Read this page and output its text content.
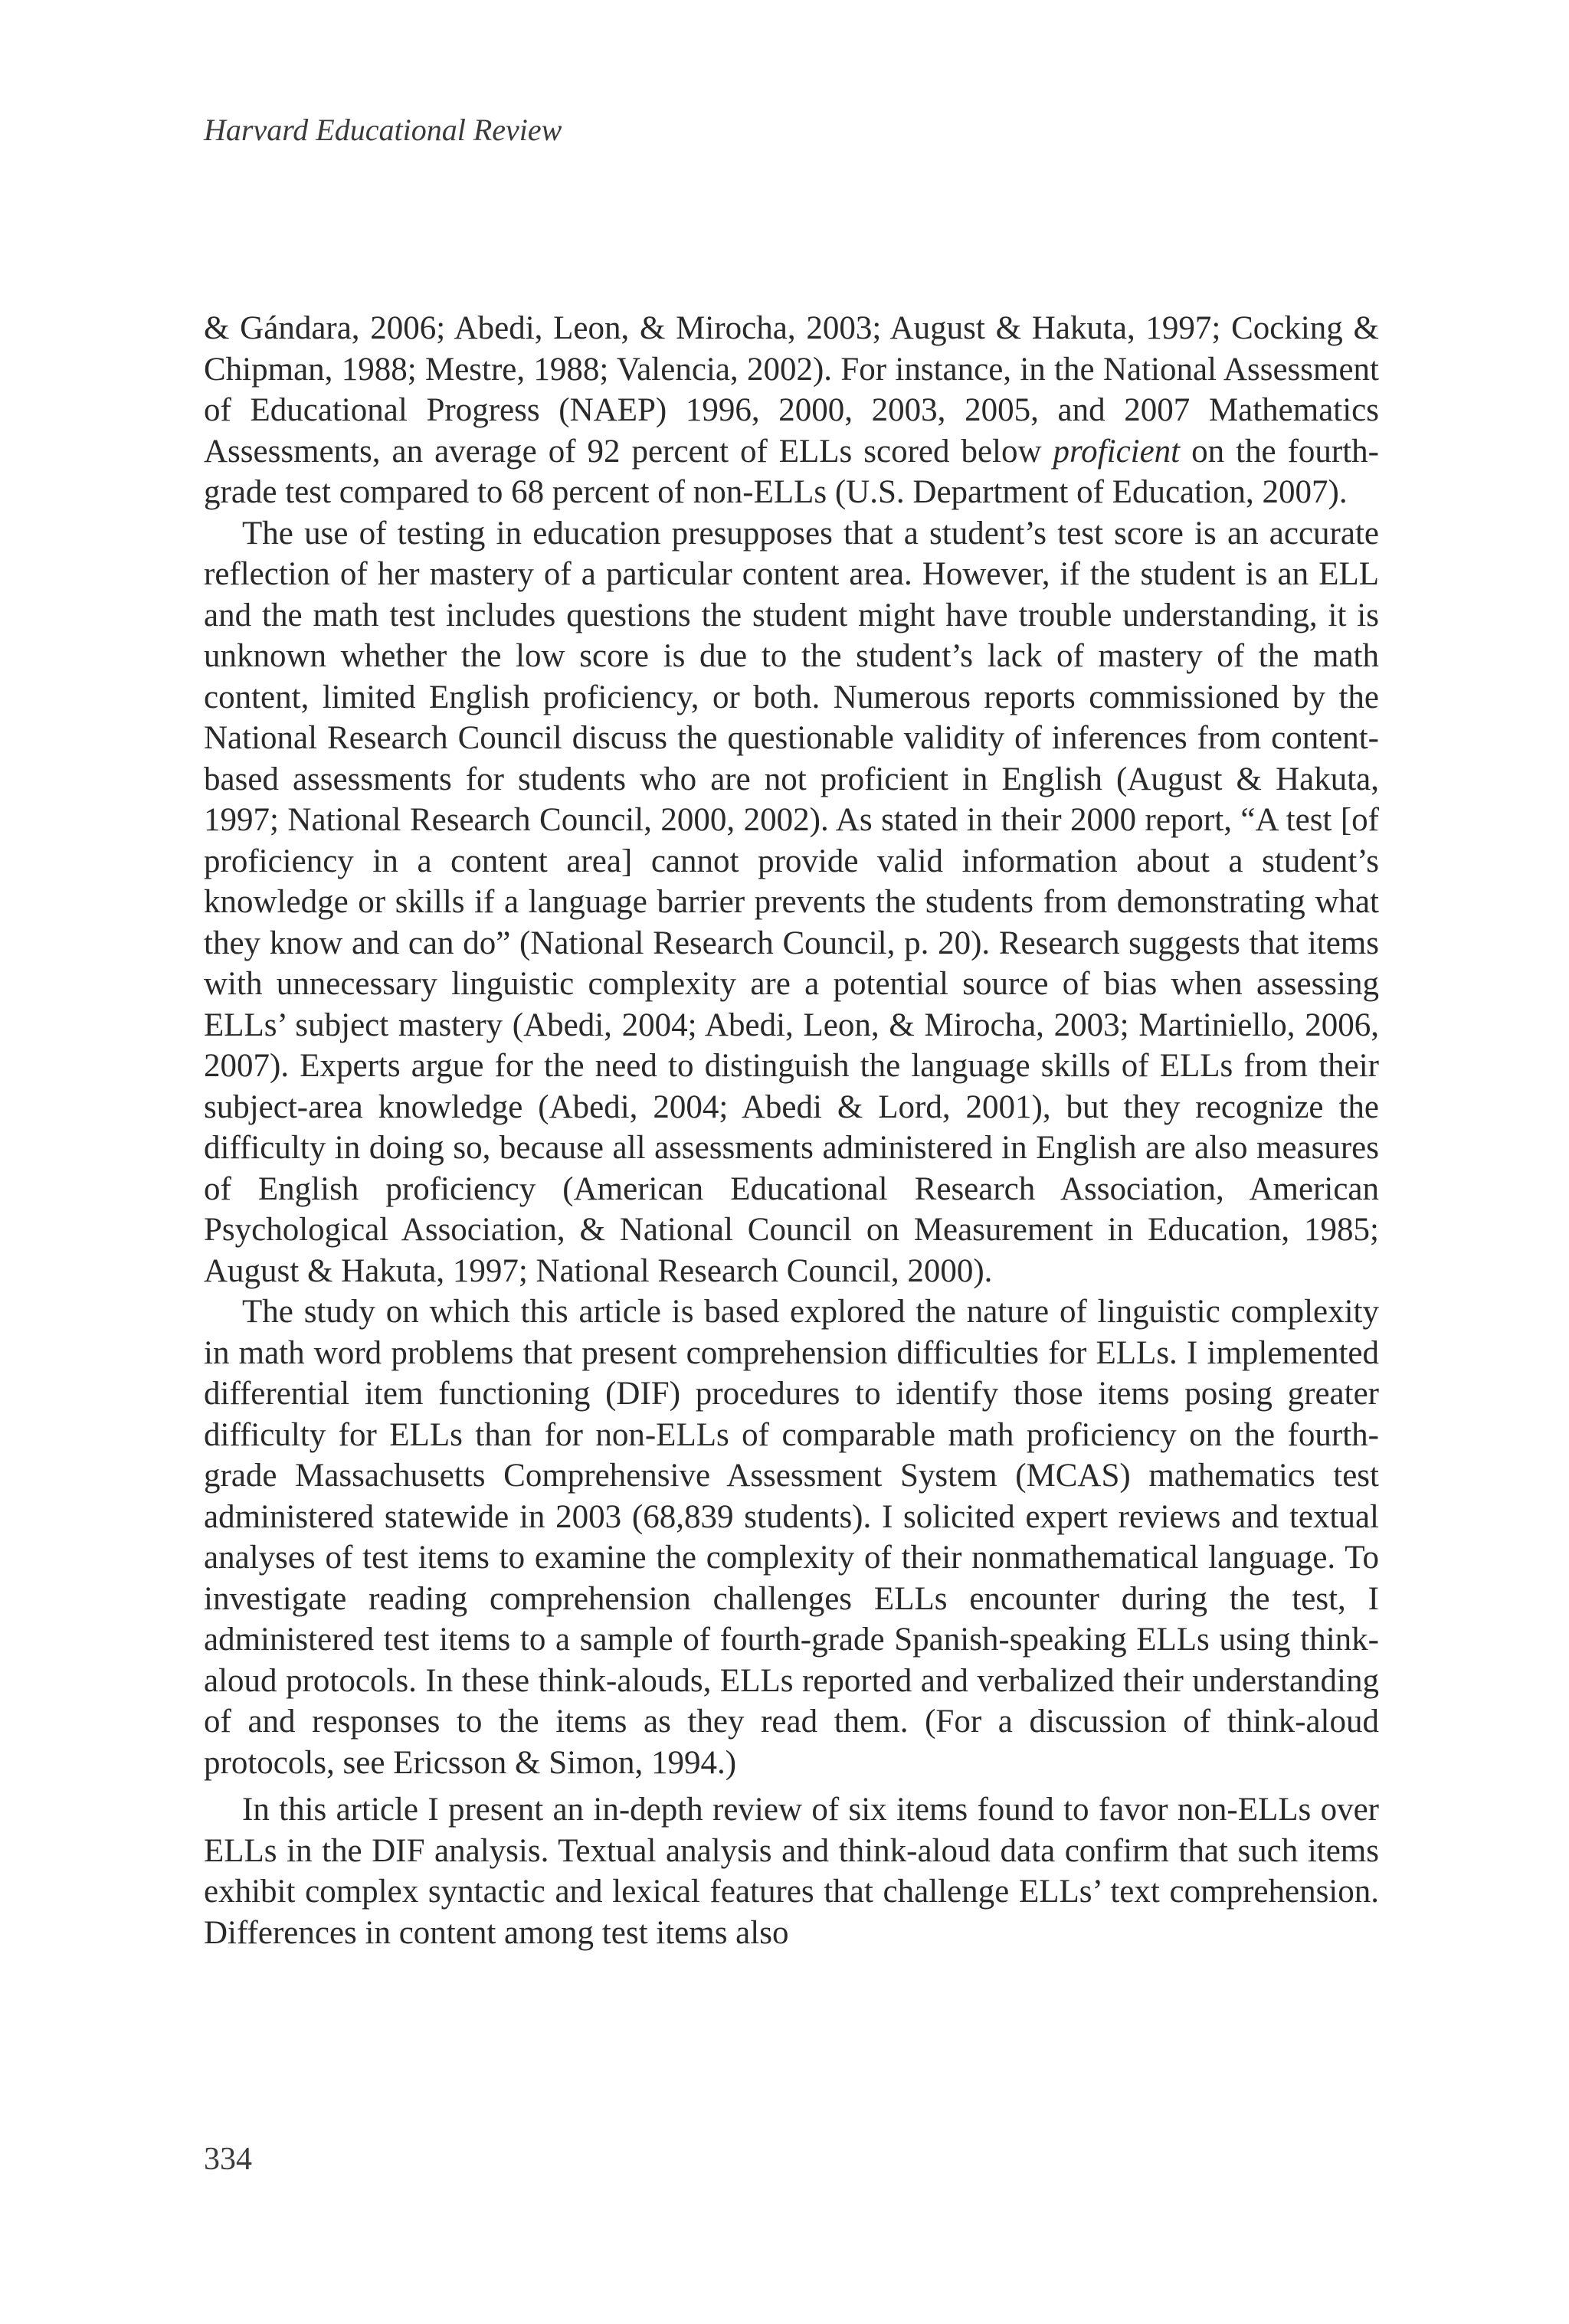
Harvard Educational Review

& Gándara, 2006; Abedi, Leon, & Mirocha, 2003; August & Hakuta, 1997; Cocking & Chipman, 1988; Mestre, 1988; Valencia, 2002). For instance, in the National Assessment of Educational Progress (NAEP) 1996, 2000, 2003, 2005, and 2007 Mathematics Assessments, an average of 92 percent of ELLs scored below proficient on the fourth-grade test compared to 68 percent of non-ELLs (U.S. Department of Education, 2007).

The use of testing in education presupposes that a student’s test score is an accurate reflection of her mastery of a particular content area. However, if the student is an ELL and the math test includes questions the student might have trouble understanding, it is unknown whether the low score is due to the student’s lack of mastery of the math content, limited English proficiency, or both. Numerous reports commissioned by the National Research Council discuss the questionable validity of inferences from content-based assessments for students who are not proficient in English (August & Hakuta, 1997; National Research Council, 2000, 2002). As stated in their 2000 report, “A test [of proficiency in a content area] cannot provide valid information about a student’s knowledge or skills if a language barrier prevents the students from demonstrating what they know and can do” (National Research Council, p. 20). Research suggests that items with unnecessary linguistic complexity are a potential source of bias when assessing ELLs’ subject mastery (Abedi, 2004; Abedi, Leon, & Mirocha, 2003; Martiniello, 2006, 2007). Experts argue for the need to distinguish the language skills of ELLs from their subject-area knowledge (Abedi, 2004; Abedi & Lord, 2001), but they recognize the difficulty in doing so, because all assessments administered in English are also measures of English proficiency (American Educational Research Association, American Psychological Association, & National Council on Measurement in Education, 1985; August & Hakuta, 1997; National Research Council, 2000).

The study on which this article is based explored the nature of linguistic complexity in math word problems that present comprehension difficulties for ELLs. I implemented differential item functioning (DIF) procedures to identify those items posing greater difficulty for ELLs than for non-ELLs of comparable math proficiency on the fourth-grade Massachusetts Comprehensive Assessment System (MCAS) mathematics test administered statewide in 2003 (68,839 students). I solicited expert reviews and textual analyses of test items to examine the complexity of their nonmathematical language. To investigate reading comprehension challenges ELLs encounter during the test, I administered test items to a sample of fourth-grade Spanish-speaking ELLs using think-aloud protocols. In these think-alouds, ELLs reported and verbalized their understanding of and responses to the items as they read them. (For a discussion of think-aloud protocols, see Ericsson & Simon, 1994.)

In this article I present an in-depth review of six items found to favor non-ELLs over ELLs in the DIF analysis. Textual analysis and think-aloud data confirm that such items exhibit complex syntactic and lexical features that challenge ELLs’ text comprehension. Differences in content among test items also

334
